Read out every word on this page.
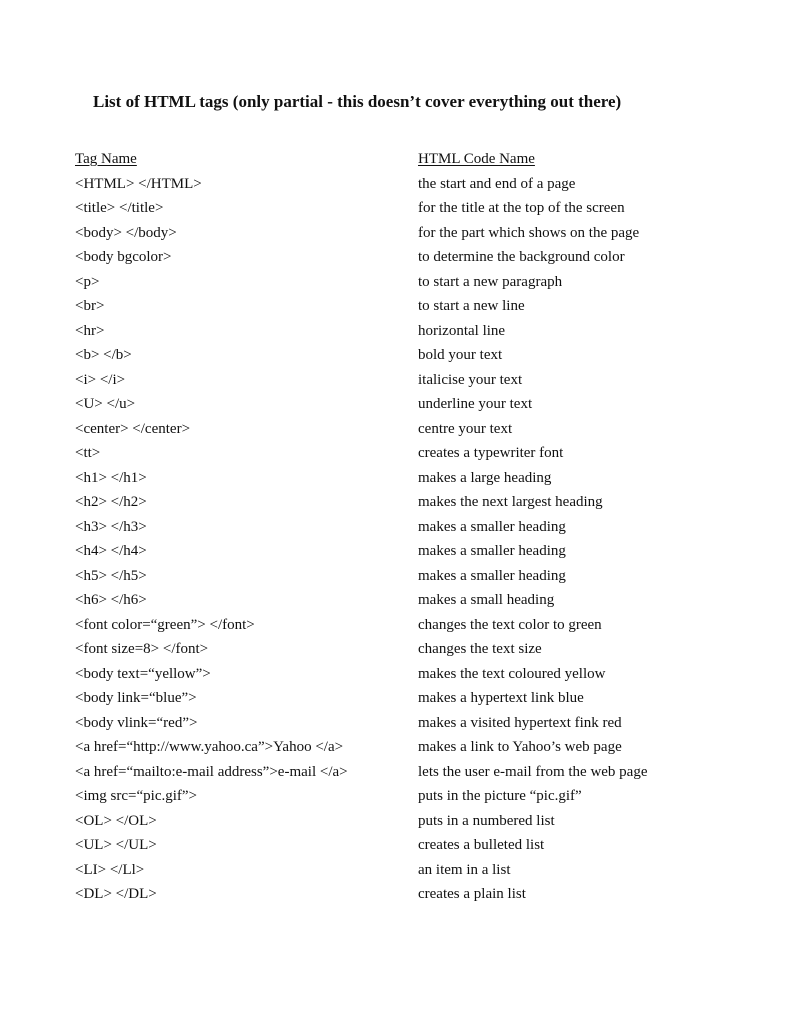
List of HTML tags (only partial - this doesn’t cover everything out there)
Tag Name	HTML Code Name
<HTML> </HTML>	the start and end of a page
<title> </title>	for the title at the top of the screen
<body> </body>	for the part which shows on the page
<body bgcolor>	to determine the background color
<p>	to start a new paragraph
<br>	to start a new line
<hr>	horizontal line
<b> </b>	bold your text
<i> </i>	italicise your text
<U> </u>	underline your text
<center> </center>	centre your text
<tt>	creates a typewriter font
<h1> </h1>	makes a large heading
<h2> </h2>	makes the next largest heading
<h3> </h3>	makes a smaller heading
<h4> </h4>	makes a smaller heading
<h5> </h5>	makes a smaller heading
<h6> </h6>	makes a small heading
<font color=“green”> </font>	changes the text color to green
<font size=8> </font>	changes the text size
<body text=“yellow”>	makes the text coloured yellow
<body link=“blue”>	makes a hypertext link blue
<body vlink=“red”>	makes a visited hypertext fink red
<a href=“http://www.yahoo.ca”>Yahoo </a>	makes a link to Yahoo’s web page
<a href=“mailto:e-mail address”>e-mail </a>	lets the user e-mail from the web page
<img src=“pic.gif”>	puts in the picture “pic.gif”
<OL> </OL>	puts in a numbered list
<UL> </UL>	creates a bulleted list
<LI> </Ll>	an item in a list
<DL> </DL>	creates a plain list
